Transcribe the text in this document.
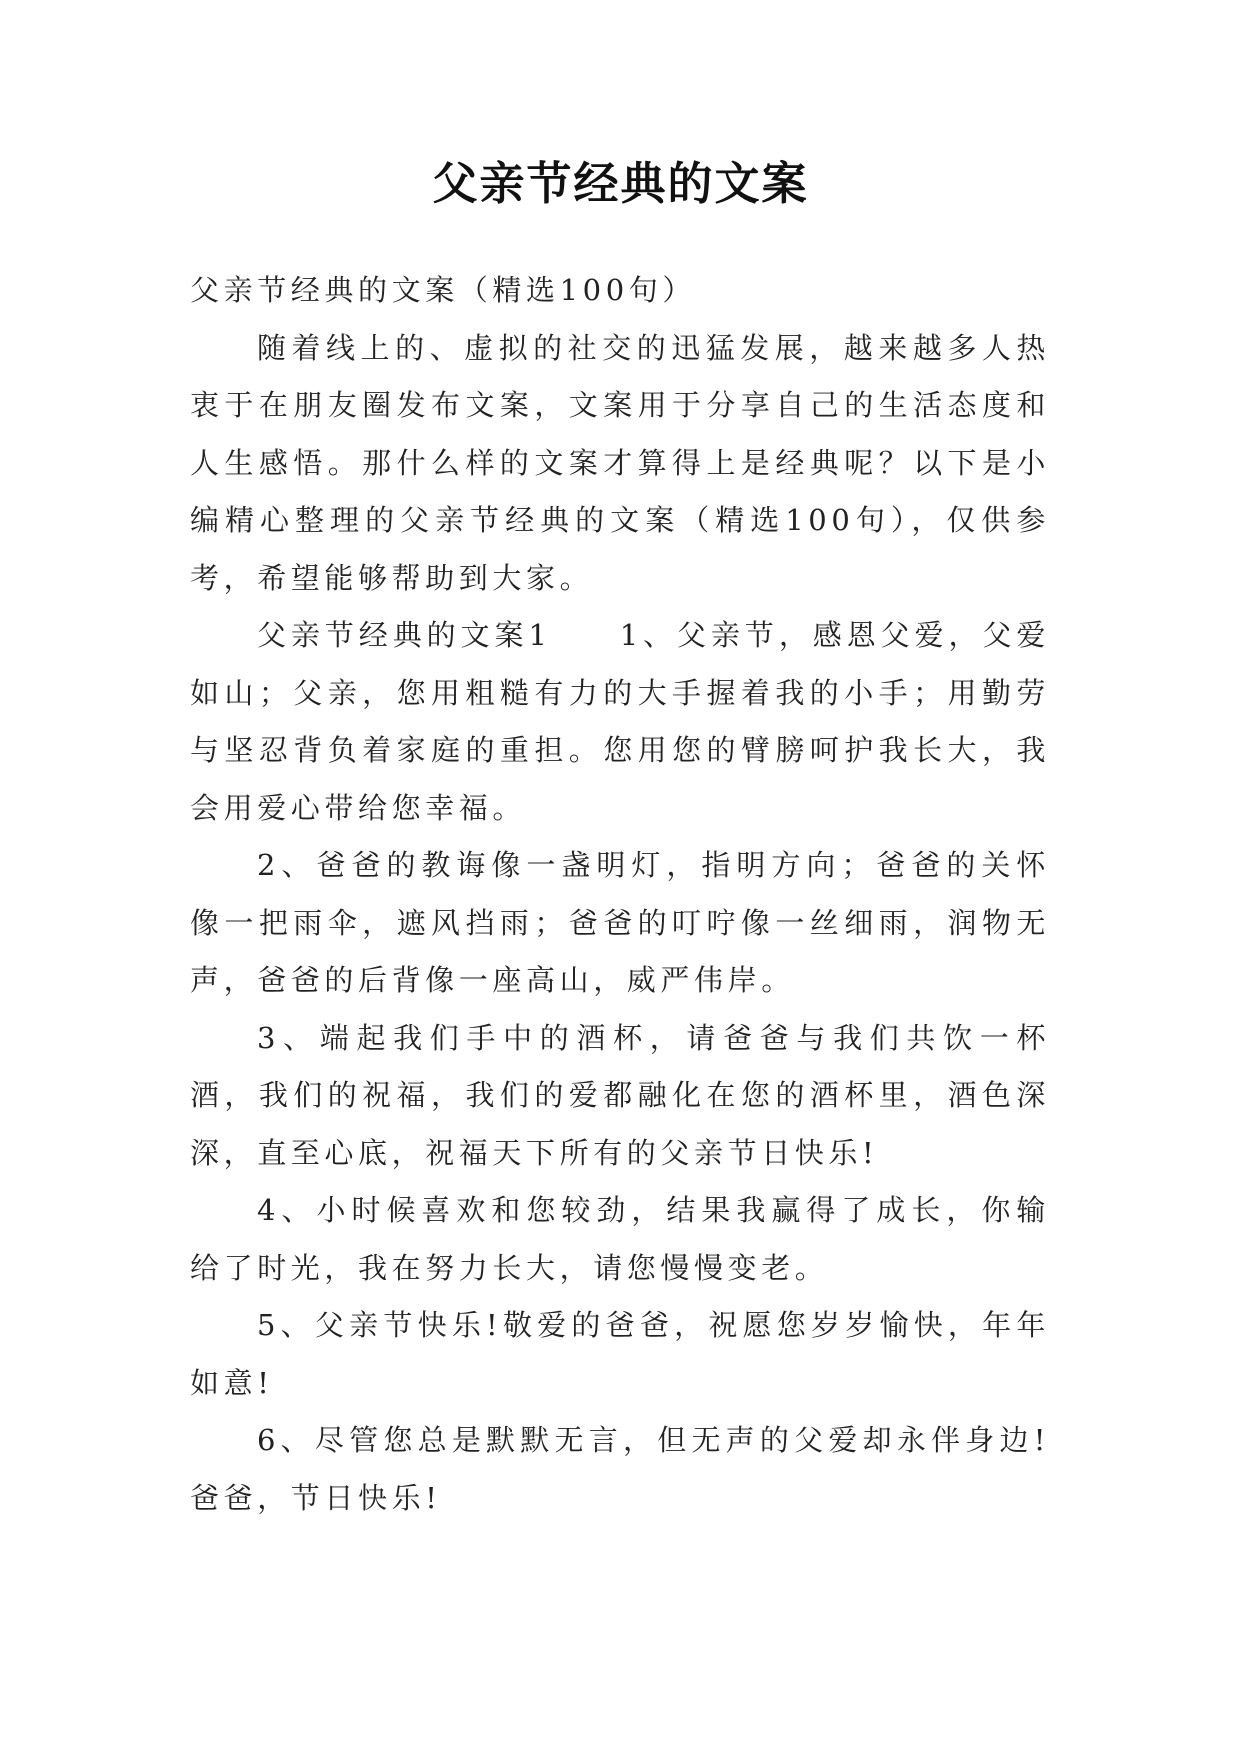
父亲节经典的文案

父亲节经典的文案（精选100句）

随着线上的、虚拟的社交的迅猛发展，越来越多人热衷于在朋友圈发布文案，文案用于分享自己的生活态度和人生感悟。那什么样的文案才算得上是经典呢？以下是小编精心整理的父亲节经典的文案（精选100句），仅供参考，希望能够帮助到大家。

父亲节经典的文案1　　1、父亲节，感恩父爱，父爱如山；父亲，您用粗糙有力的大手握着我的小手；用勤劳与坚忍背负着家庭的重担。您用您的臂膀呵护我长大，我会用爱心带给您幸福。

2、爸爸的教诲像一盏明灯，指明方向；爸爸的关怀像一把雨伞，遮风挡雨；爸爸的叮咛像一丝细雨，润物无声，爸爸的后背像一座高山，威严伟岸。

3、端起我们手中的酒杯，请爸爸与我们共饮一杯酒，我们的祝福，我们的爱都融化在您的酒杯里，酒色深深，直至心底，祝福天下所有的父亲节日快乐!

4、小时候喜欢和您较劲，结果我赢得了成长，你输给了时光，我在努力长大，请您慢慢变老。

5、父亲节快乐!敬爱的爸爸，祝愿您岁岁愉快，年年如意!

6、尽管您总是默默无言，但无声的父爱却永伴身边!爸爸，节日快乐!
